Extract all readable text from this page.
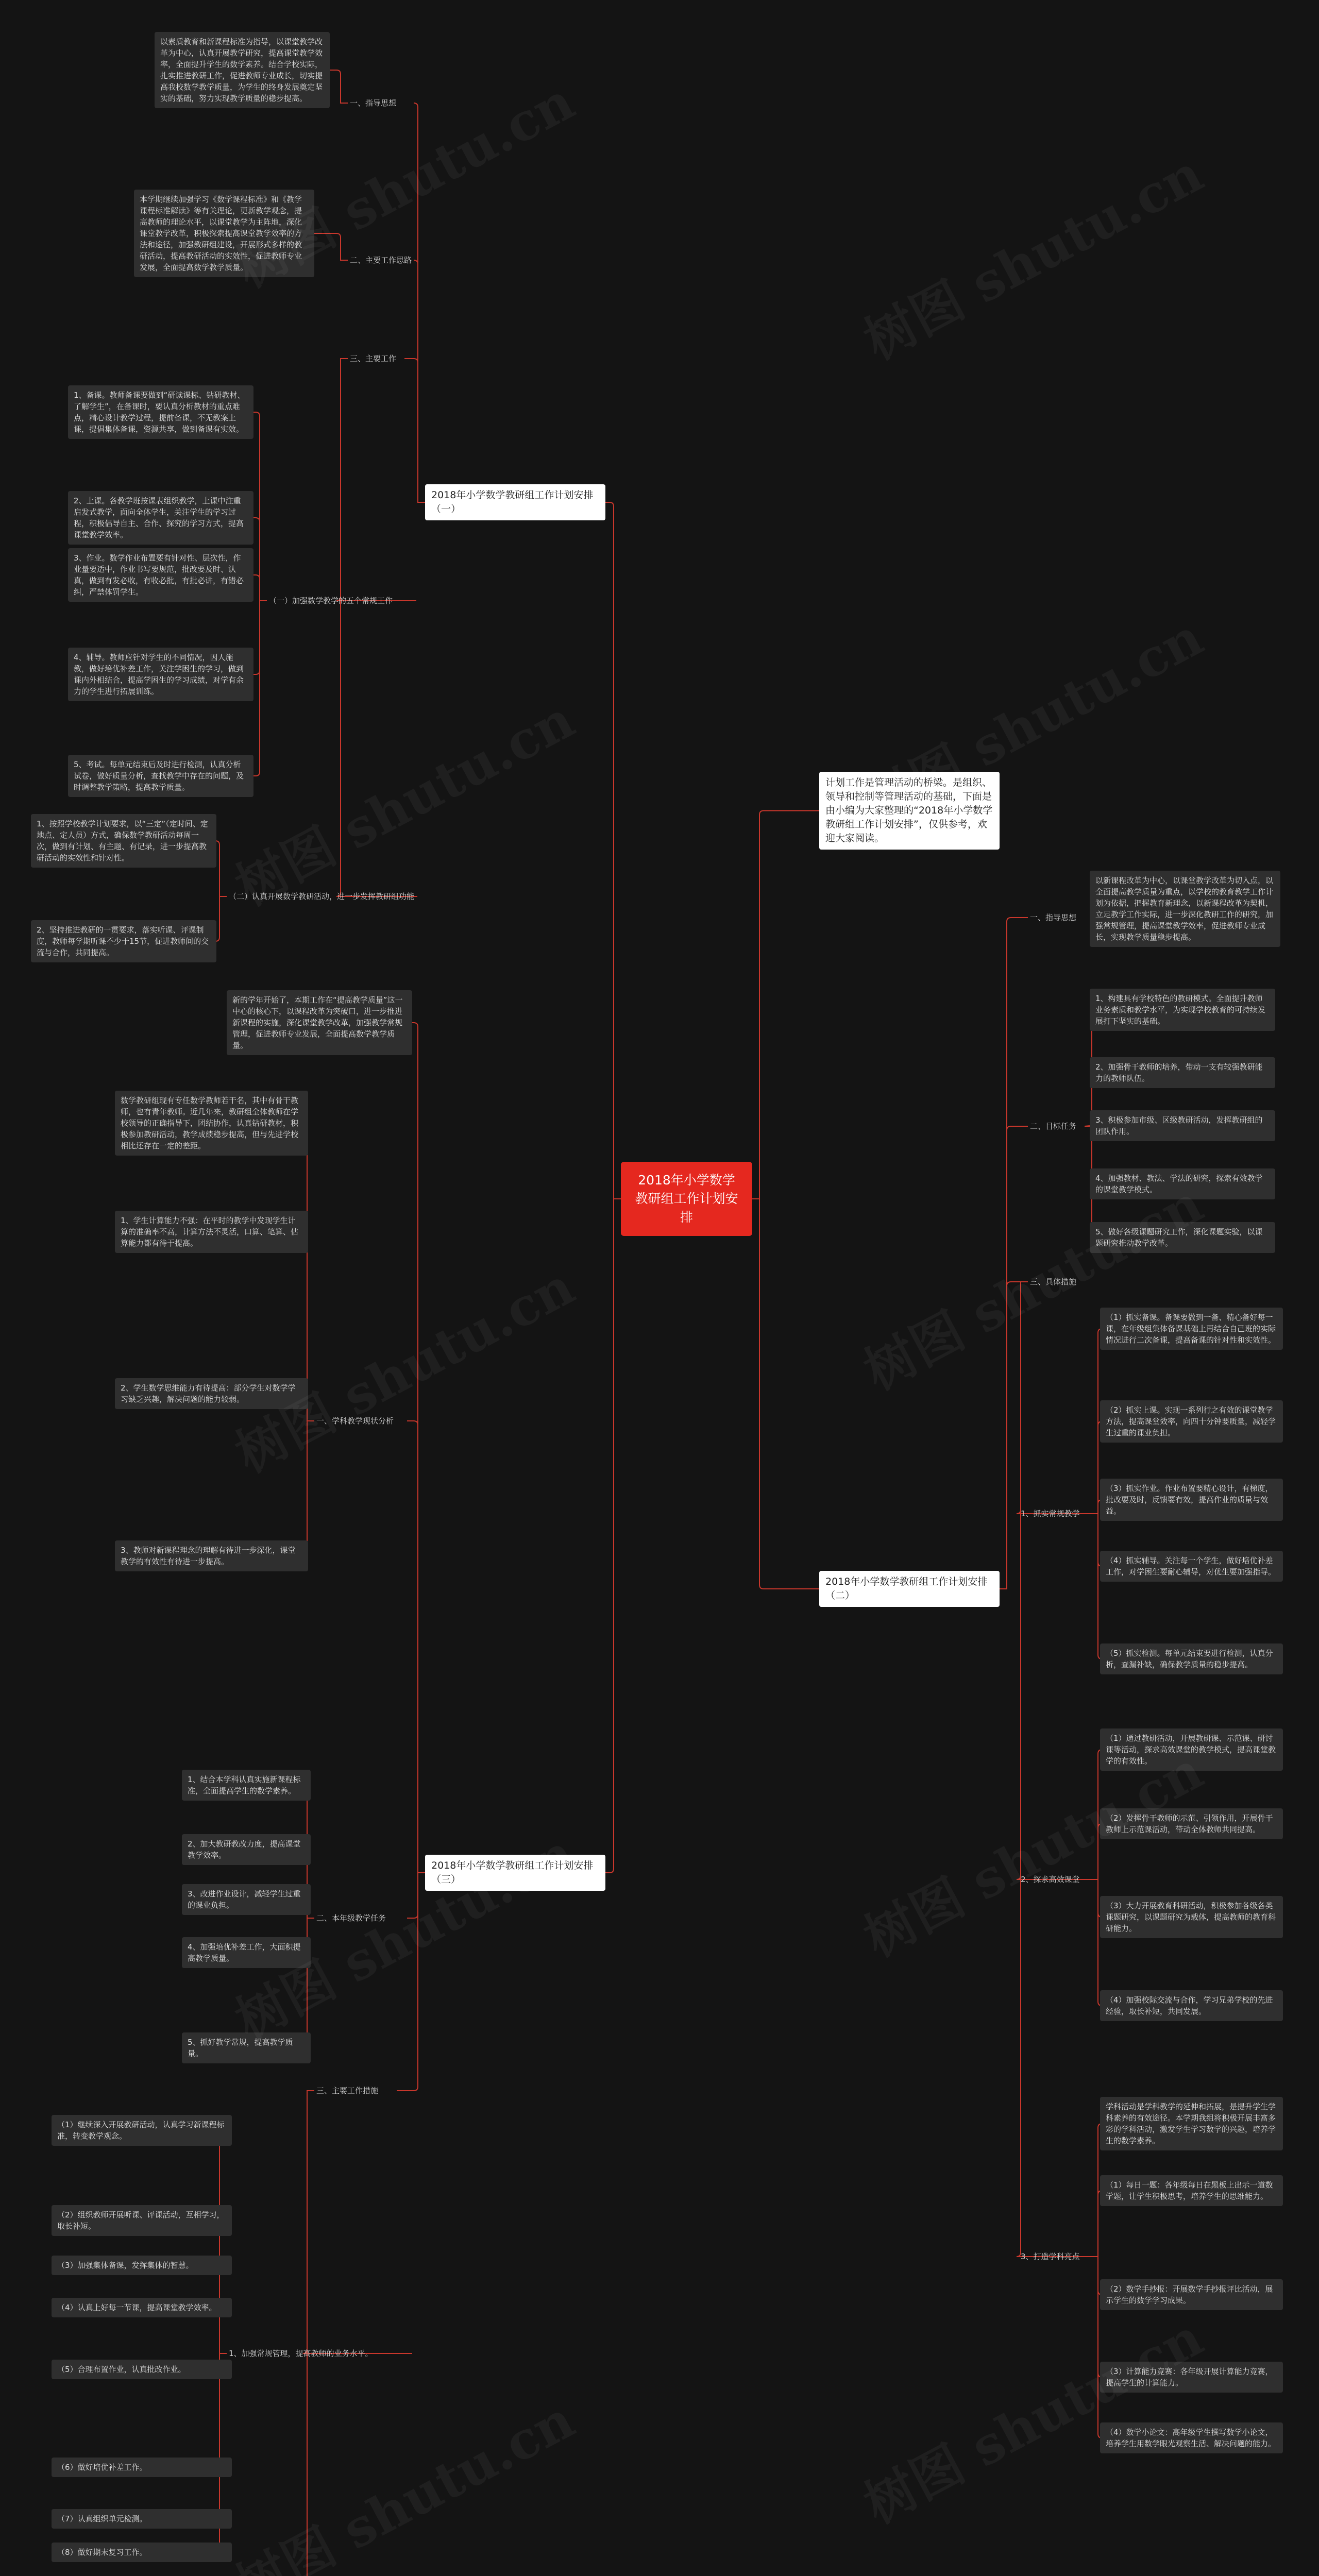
2018年小学数学教研组工作计划安排
2018年小学数学教研组工作计划安排（一）
一、指导思想
以素质教育和新课程标准为指导，以课堂教学改革为中心，认真开展教学研究，提高课堂教学效率，全面提升学生的数学素养。结合学校实际，扎实推进教研工作，促进教师专业成长，切实提高我校数学教学质量，为学生的终身发展奠定坚实的基础，努力实现教学质量的稳步提高。
二、主要工作思路
本学期继续加强学习《数学课程标准》和《教学课程标准解读》等有关理论，更新教学观念，提高教师的理论水平，以课堂教学为主阵地，深化课堂教学改革，积极探索提高课堂教学效率的方法和途径，加强教研组建设，开展形式多样的教研活动，提高教研活动的实效性，促进教师专业发展，全面提高数学教学质量。
三、主要工作
（一）加强数学教学的五个常规工作
1、备课。教师备课要做到“研读课标、钻研教材、了解学生”，在备课时，要认真分析教材的重点难点，精心设计教学过程，提前备课，不无教案上课，提倡集体备课，资源共享，做到备课有实效。
2、上课。各教学班按课表组织教学，上课中注重启发式教学，面向全体学生，关注学生的学习过程，积极倡导自主、合作、探究的学习方式，提高课堂教学效率。
3、作业。数学作业布置要有针对性、层次性，作业量要适中，作业书写要规范，批改要及时、认真，做到有发必收，有收必批，有批必讲，有错必纠，严禁体罚学生。
4、辅导。教师应针对学生的不同情况，因人施教，做好培优补差工作，关注学困生的学习，做到课内外相结合，提高学困生的学习成绩，对学有余力的学生进行拓展训练。
5、考试。每单元结束后及时进行检测，认真分析试卷，做好质量分析，查找教学中存在的问题，及时调整教学策略，提高教学质量。
（二）认真开展数学教研活动，进一步发挥教研组功能
1、按照学校教学计划要求，以“三定”（定时间、定地点、定人员）方式，确保数学教研活动每周一次，做到有计划、有主题、有记录，进一步提高教研活动的实效性和针对性。
2、坚持推进教研的一贯要求，落实听课、评课制度，教师每学期听课不少于15节，促进教师间的交流与合作，共同提高。
计划工作是管理活动的桥梁。是组织、领导和控制等管理活动的基础，下面是由小编为大家整理的“2018年小学数学教研组工作计划安排”，仅供参考，欢迎大家阅读。
2018年小学数学教研组工作计划安排（二）
一、指导思想
以新课程改革为中心，以课堂教学改革为切入点，以全面提高教学质量为重点，以学校的教育教学工作计划为依据，把握教育新理念，以新课程改革为契机，立足教学工作实际，进一步深化教研工作的研究，加强常规管理，提高课堂教学效率，促进教师专业成长，实现教学质量稳步提高。
二、目标任务
1、构建具有学校特色的教研模式。全面提升教师业务素质和教学水平，为实现学校教育的可持续发展打下坚实的基础。
2、加强骨干教师的培养，带动一支有较强教研能力的教师队伍。
3、积极参加市级、区级教研活动，发挥教研组的团队作用。
4、加强教材、教法、学法的研究，探索有效教学的课堂教学模式。
5、做好各级课题研究工作，深化课题实验，以课题研究推动教学改革。
三、具体措施
1、抓实常规教学
（1）抓实备课。备课要做到一备、精心备好每一课，在年级组集体备课基础上再结合自己班的实际情况进行二次备课，提高备课的针对性和实效性。
（2）抓实上课。实现一系列行之有效的课堂教学方法，提高课堂效率，向四十分钟要质量，减轻学生过重的课业负担。
（3）抓实作业。作业布置要精心设计，有梯度，批改要及时，反馈要有效，提高作业的质量与效益。
（4）抓实辅导。关注每一个学生，做好培优补差工作，对学困生要耐心辅导，对优生要加强指导。
（5）抓实检测。每单元结束要进行检测，认真分析，查漏补缺，确保教学质量的稳步提高。
2、探求高效课堂
（1）通过教研活动，开展教研课、示范课、研讨课等活动，探求高效课堂的教学模式，提高课堂教学的有效性。
（2）发挥骨干教师的示范、引领作用，开展骨干教师上示范课活动，带动全体教师共同提高。
（3）大力开展教育科研活动，积极参加各级各类课题研究，以课题研究为载体，提高教师的教育科研能力。
（4）加强校际交流与合作，学习兄弟学校的先进经验，取长补短，共同发展。
3、打造学科亮点
学科活动是学科教学的延伸和拓展，是提升学生学科素养的有效途径。本学期我组将积极开展丰富多彩的学科活动，激发学生学习数学的兴趣，培养学生的数学素养。
（1）每日一题：各年级每日在黑板上出示一道数学题，让学生积极思考，培养学生的思维能力。
（2）数学手抄报：开展数学手抄报评比活动，展示学生的数学学习成果。
（3）计算能力竞赛：各年级开展计算能力竞赛，提高学生的计算能力。
（4）数学小论文：高年级学生撰写数学小论文，培养学生用数学眼光观察生活、解决问题的能力。
2018年小学数学教研组工作计划安排（三）
新的学年开始了，本期工作在“提高教学质量”这一中心的核心下，以课程改革为突破口，进一步推进新课程的实施，深化课堂教学改革，加强教学常规管理，促进教师专业发展，全面提高数学教学质量。
一、学科教学现状分析
数学教研组现有专任数学教师若干名，其中有骨干教师，也有青年教师。近几年来，教研组全体教师在学校领导的正确指导下，团结协作，认真钻研教材，积极参加教研活动，教学成绩稳步提高，但与先进学校相比还存在一定的差距。
1、学生计算能力不强：在平时的教学中发现学生计算的准确率不高，计算方法不灵活，口算、笔算、估算能力都有待于提高。
2、学生数学思维能力有待提高：部分学生对数学学习缺乏兴趣，解决问题的能力较弱。
3、教师对新课程理念的理解有待进一步深化，课堂教学的有效性有待进一步提高。
二、本年级教学任务
1、结合本学科认真实施新课程标准，全面提高学生的数学素养。
2、加大教研教改力度，提高课堂教学效率。
3、改进作业设计，减轻学生过重的课业负担。
4、加强培优补差工作，大面积提高教学质量。
5、抓好教学常规，提高教学质量。
三、主要工作措施
1、加强常规管理，提高教师的业务水平。
（1）继续深入开展教研活动，认真学习新课程标准，转变教学观念。
（2）组织教师开展听课、评课活动，互相学习，取长补短。
（3）加强集体备课，发挥集体的智慧。
（4）认真上好每一节课，提高课堂教学效率。
（5）合理布置作业，认真批改作业。
（6）做好培优补差工作。
（7）认真组织单元检测。
（8）做好期末复习工作。
